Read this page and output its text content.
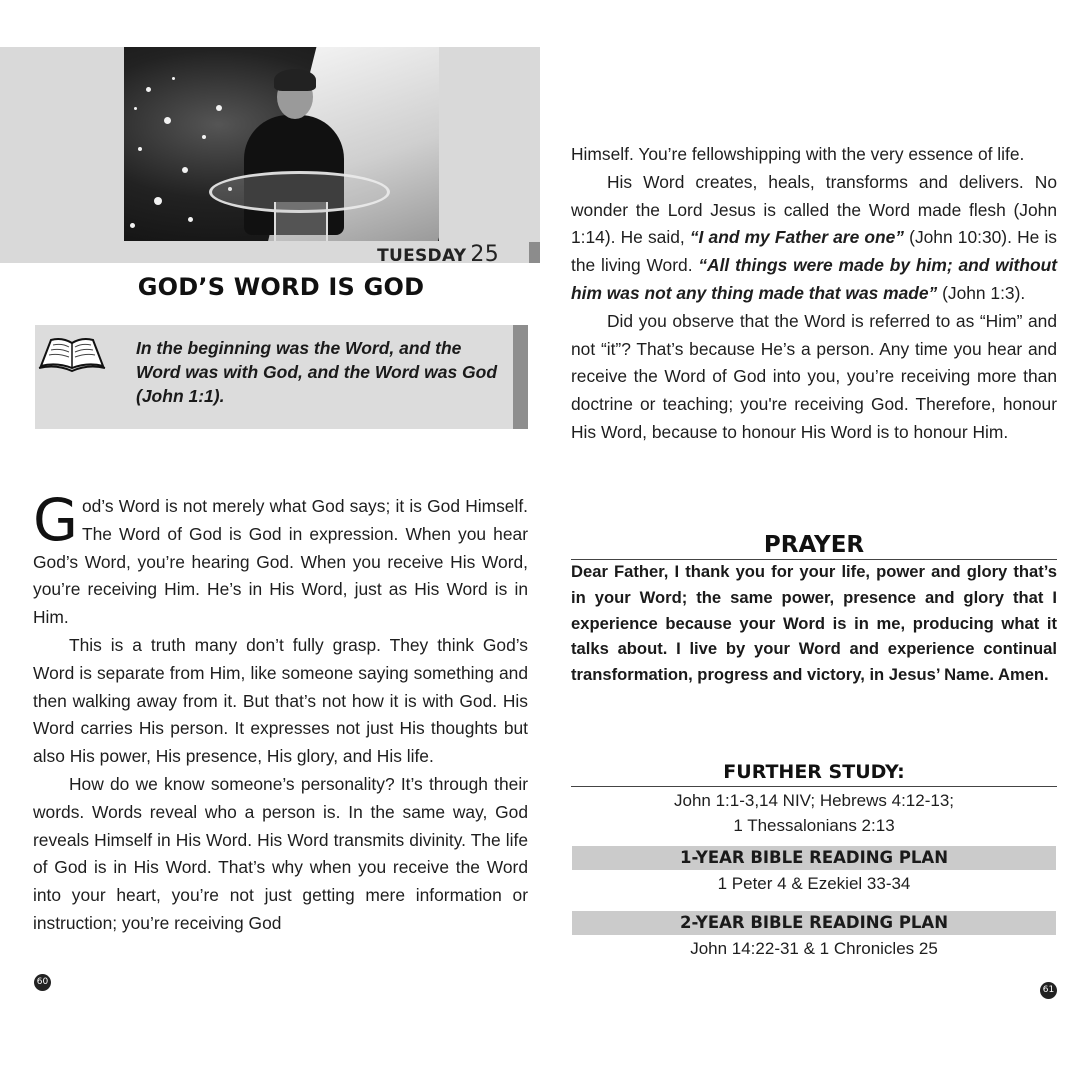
TUESDAY 25
GOD’S WORD IS GOD
In the beginning was the Word, and the Word was with God, and the Word was God (John 1:1).

God’s Word is not merely what God says; it is God Himself. The Word of God is God in expression. When you hear God’s Word, you’re hearing God. When you receive His Word, you’re receiving Him. He’s in His Word, just as His Word is in Him.

This is a truth many don’t fully grasp. They think God’s Word is separate from Him, like someone saying something and then walking away from it. But that’s not how it is with God. His Word carries His person. It expresses not just His thoughts but also His power, His presence, His glory, and His life.

How do we know someone’s personality? It’s through their words. Words reveal who a person is. In the same way, God reveals Himself in His Word. His Word transmits divinity. The life of God is in His Word. That’s why when you receive the Word into your heart, you’re not just getting mere information or instruction; you’re receiving God

60

Himself. You’re fellowshipping with the very essence of life.

His Word creates, heals, transforms and delivers. No wonder the Lord Jesus is called the Word made flesh (John 1:14). He said, “I and my Father are one” (John 10:30). He is the living Word. “All things were made by him; and without him was not any thing made that was made” (John 1:3).

Did you observe that the Word is referred to as “Him” and not “it”? That’s because He’s a person. Any time you hear and receive the Word of God into you, you’re receiving more than doctrine or teaching; you're receiving God. Therefore, honour His Word, because to honour His Word is to honour Him.

PRAYER
Dear Father, I thank you for your life, power and glory that’s in your Word; the same power, presence and glory that I experience because your Word is in me, producing what it talks about. I live by your Word and experience continual transformation, progress and victory, in Jesus’ Name. Amen.
FURTHER STUDY:
John 1:1-3,14 NIV; Hebrews 4:12-13;
1 Thessalonians 2:13
1-YEAR BIBLE READING PLAN
1 Peter 4 & Ezekiel 33-34
2-YEAR BIBLE READING PLAN
John 14:22-31 & 1 Chronicles 25
61
